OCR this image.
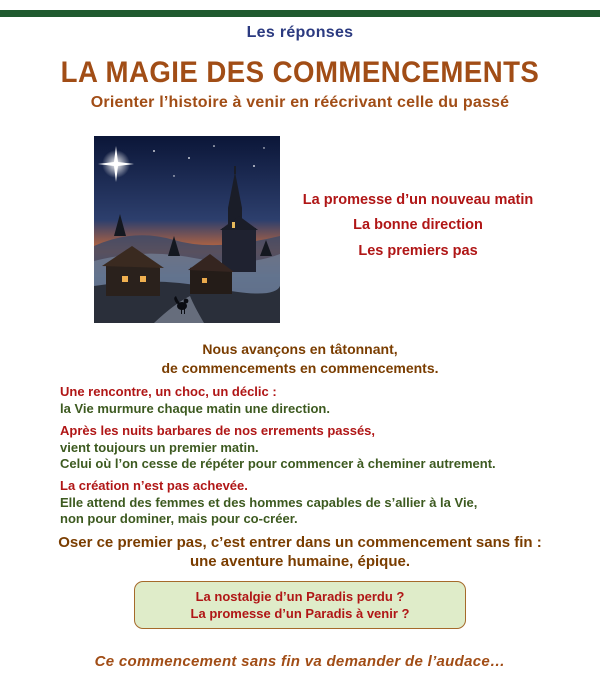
Les réponses
LA MAGIE DES COMMENCEMENTS
Orienter l’histoire à venir en réécrivant celle du passé
La promesse d’un nouveau matin
La bonne direction
Les premiers pas
Nous avançons en tâtonnant,
de commencements en commencements.
Une rencontre, un choc, un déclic :
la Vie murmure chaque matin une direction.
Après les nuits barbares de nos errements passés,
vient toujours un premier matin.
Celui où l’on cesse de répéter pour commencer à cheminer autrement.
La création n’est pas achevée.
Elle attend des femmes et des hommes capables de s’allier à la Vie,
non pour dominer, mais pour co-créer.
Oser ce premier pas, c’est entrer dans un commencement sans fin :
une aventure humaine, épique.
La nostalgie d’un Paradis perdu ?
La promesse d’un Paradis à venir ?
Ce commencement sans fin va demander de l’audace…
